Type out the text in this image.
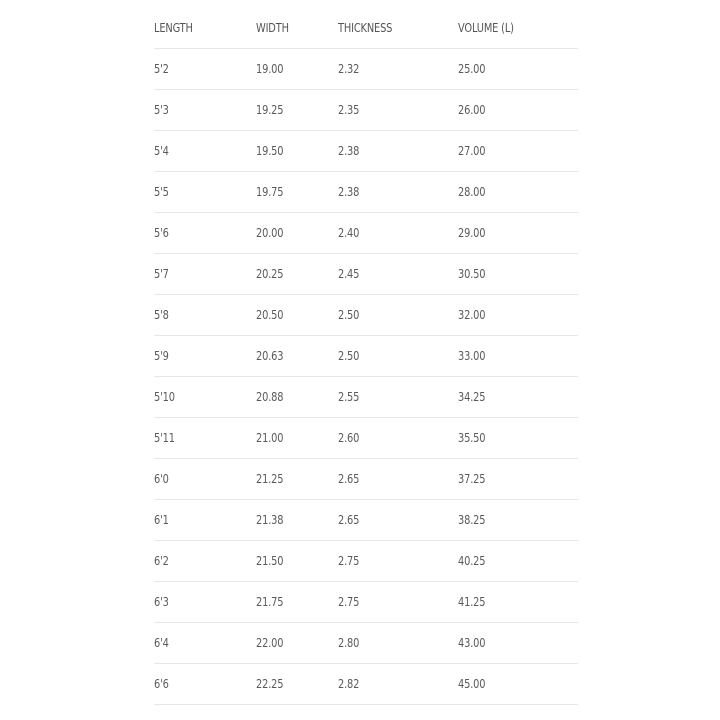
LENGTH	WIDTH	THICKNESS	VOLUME (L)
5'2	19.00	2.32	25.00
5'3	19.25	2.35	26.00
5'4	19.50	2.38	27.00
5'5	19.75	2.38	28.00
5'6	20.00	2.40	29.00
5'7	20.25	2.45	30.50
5'8	20.50	2.50	32.00
5'9	20.63	2.50	33.00
5'10	20.88	2.55	34.25
5'11	21.00	2.60	35.50
6'0	21.25	2.65	37.25
6'1	21.38	2.65	38.25
6'2	21.50	2.75	40.25
6'3	21.75	2.75	41.25
6'4	22.00	2.80	43.00
6'6	22.25	2.82	45.00
